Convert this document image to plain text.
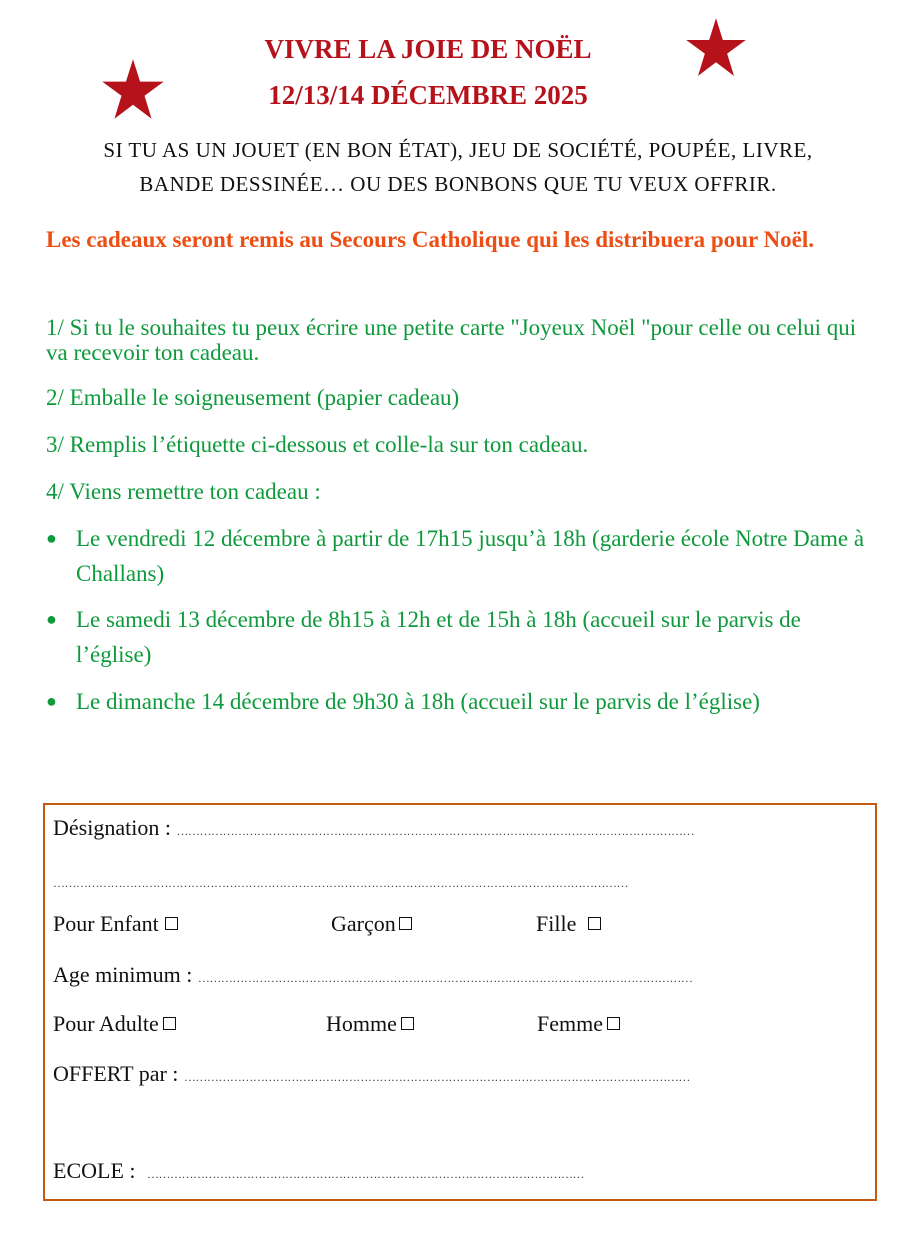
VIVRE LA JOIE DE NOËL
12/13/14 DÉCEMBRE 2025
SI TU AS UN JOUET (EN BON ÉTAT), JEU DE SOCIÉTÉ, POUPÉE, LIVRE,
BANDE DESSINÉE… OU DES BONBONS QUE TU VEUX OFFRIR.
Les cadeaux seront remis au Secours Catholique qui les distribuera pour Noël.
1/ Si tu le souhaites tu peux écrire une petite carte "Joyeux Noël "pour celle ou celui qui va recevoir ton cadeau.
2/ Emballe le soigneusement (papier cadeau)
3/ Remplis l’étiquette ci-dessous et colle-la sur ton cadeau.
4/ Viens remettre ton cadeau :
● Le vendredi 12 décembre à partir de 17h15 jusqu’à 18h (garderie école Notre Dame à Challans)
● Le samedi 13 décembre de 8h15 à 12h et de 15h à 18h (accueil sur le parvis de l’église)
● Le dimanche 14 décembre de 9h30 à 18h (accueil sur le parvis de l’église)
Désignation : ………………………………………………………………………………………………………………………
……………………………………………………………………………………………………………………………………
Pour Enfant	Garçon	Fille
Age minimum : …………………………………………………………………………………………………………………
Pour Adulte	Homme	Femme
OFFERT par : ……………………………………………………………………………………………………………………
ECOLE : ……………………………………………………………………………………………………
